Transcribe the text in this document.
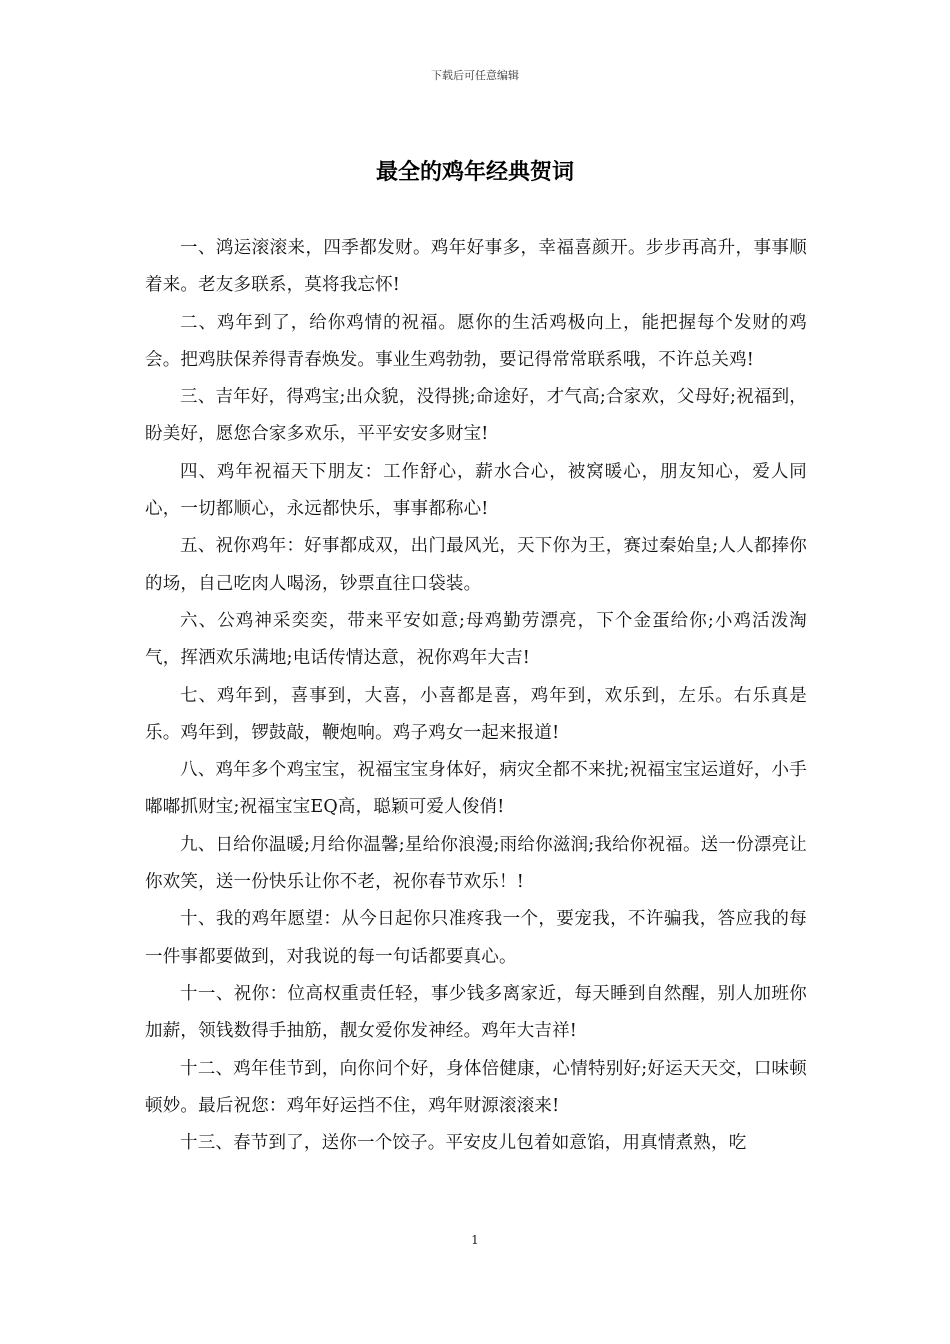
下载后可任意编辑
最全的鸡年经典贺词

一、鸿运滚滚来，四季都发财。鸡年好事多，幸福喜颜开。步步再高升，事事顺着来。老友多联系，莫将我忘怀!

二、鸡年到了，给你鸡情的祝福。愿你的生活鸡极向上，能把握每个发财的鸡会。把鸡肤保养得青春焕发。事业生鸡勃勃，要记得常常联系哦，不许总关鸡!

三、吉年好，得鸡宝;出众貌，没得挑;命途好，才气高;合家欢，父母好;祝福到，盼美好，愿您合家多欢乐，平平安安多财宝!

四、鸡年祝福天下朋友：工作舒心，薪水合心，被窝暖心，朋友知心，爱人同心，一切都顺心，永远都快乐，事事都称心!

五、祝你鸡年：好事都成双，出门最风光，天下你为王，赛过秦始皇;人人都捧你的场，自己吃肉人喝汤，钞票直往口袋装。

六、公鸡神采奕奕，带来平安如意;母鸡勤劳漂亮，下个金蛋给你;小鸡活泼淘气，挥洒欢乐满地;电话传情达意，祝你鸡年大吉!

七、鸡年到，喜事到，大喜，小喜都是喜，鸡年到，欢乐到，左乐。右乐真是乐。鸡年到，锣鼓敲，鞭炮响。鸡子鸡女一起来报道!

八、鸡年多个鸡宝宝，祝福宝宝身体好，病灾全都不来扰;祝福宝宝运道好，小手嘟嘟抓财宝;祝福宝宝EQ高，聪颖可爱人俊俏!

九、日给你温暖;月给你温馨;星给你浪漫;雨给你滋润;我给你祝福。送一份漂亮让你欢笑，送一份快乐让你不老，祝你春节欢乐！!

十、我的鸡年愿望：从今日起你只准疼我一个，要宠我，不许骗我，答应我的每一件事都要做到，对我说的每一句话都要真心。

十一、祝你：位高权重责任轻，事少钱多离家近，每天睡到自然醒，别人加班你加薪，领钱数得手抽筋，靓女爱你发神经。鸡年大吉祥!

十二、鸡年佳节到，向你问个好，身体倍健康，心情特别好;好运天天交，口味顿顿妙。最后祝您：鸡年好运挡不住，鸡年财源滚滚来!

十三、春节到了，送你一个饺子。平安皮儿包着如意馅，用真情煮熟，吃

1
